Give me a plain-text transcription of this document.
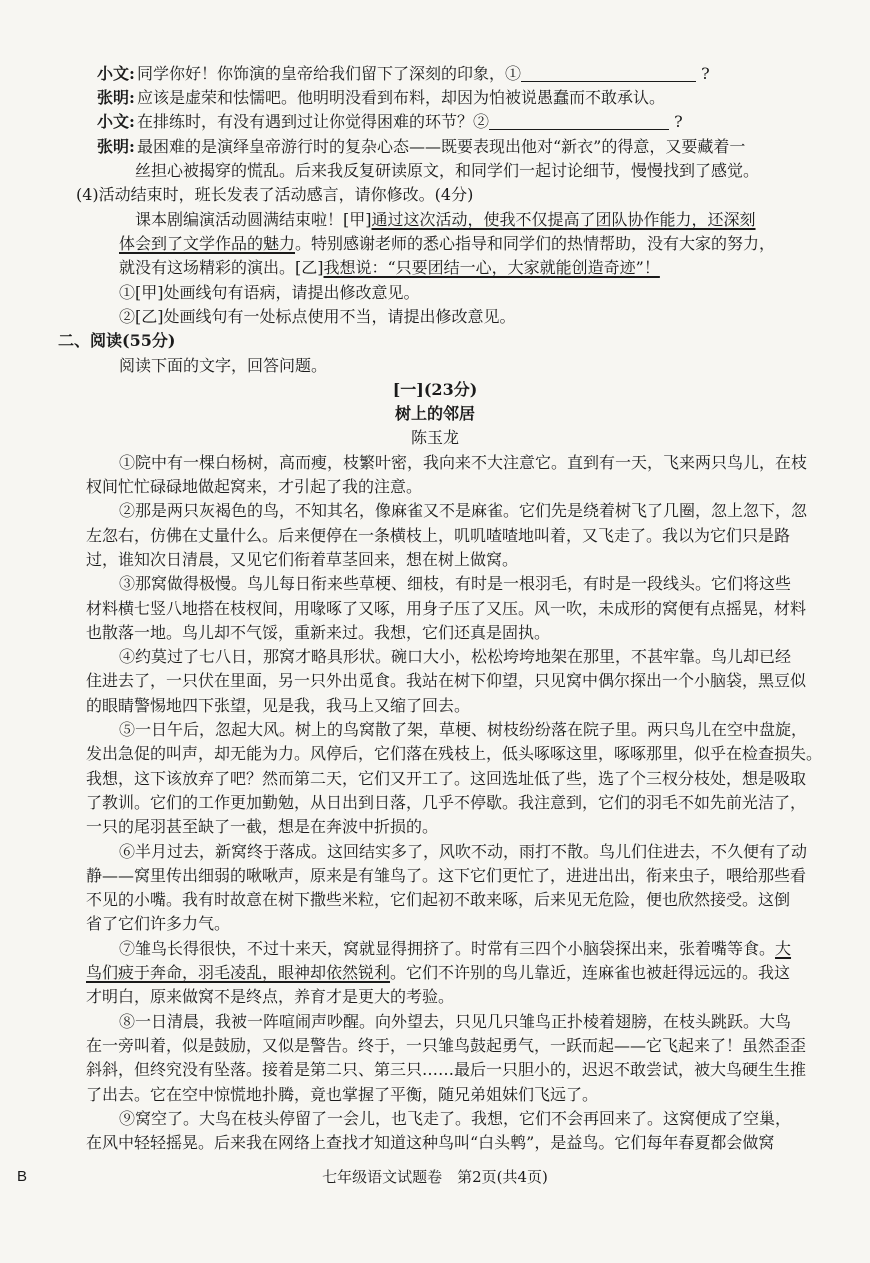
小文: 同学你好！你饰演的皇帝给我们留下了深刻的印象，①	?
张明: 应该是虚荣和怯懦吧。他明明没看到布料，却因为怕被说愚蠢而不敢承认。
小文: 在排练时，有没有遇到过让你觉得困难的环节？②	?
张明: 最困难的是演绎皇帝游行时的复杂心态——既要表现出他对“新衣”的得意，又要藏着一
丝担心被揭穿的慌乱。后来我反复研读原文，和同学们一起讨论细节，慢慢找到了感觉。
(4)活动结束时，班长发表了活动感言，请你修改。(4分)
课本剧编演活动圆满结束啦！[甲]通过这次活动，使我不仅提高了团队协作能力，还深刻
体会到了文学作品的魅力。特别感谢老师的悉心指导和同学们的热情帮助，没有大家的努力，
就没有这场精彩的演出。[乙]我想说：“只要团结一心，大家就能创造奇迹”！
①[甲]处画线句有语病，请提出修改意见。
②[乙]处画线句有一处标点使用不当，请提出修改意见。
二、阅读(55分)
阅读下面的文字，回答问题。
[一](23分)
树上的邻居
陈玉龙
①院中有一棵白杨树，高而瘦，枝繁叶密，我向来不大注意它。直到有一天，飞来两只鸟儿，在枝
杈间忙忙碌碌地做起窝来，才引起了我的注意。
②那是两只灰褐色的鸟，不知其名，像麻雀又不是麻雀。它们先是绕着树飞了几圈，忽上忽下，忽
左忽右，仿佛在丈量什么。后来便停在一条横枝上，叽叽喳喳地叫着，又飞走了。我以为它们只是路
过，谁知次日清晨，又见它们衔着草茎回来，想在树上做窝。
③那窝做得极慢。鸟儿每日衔来些草梗、细枝，有时是一根羽毛，有时是一段线头。它们将这些
材料横七竖八地搭在枝杈间，用喙啄了又啄，用身子压了又压。风一吹，未成形的窝便有点摇晃，材料
也散落一地。鸟儿却不气馁，重新来过。我想，它们还真是固执。
④约莫过了七八日，那窝才略具形状。碗口大小，松松垮垮地架在那里，不甚牢靠。鸟儿却已经
住进去了，一只伏在里面，另一只外出觅食。我站在树下仰望，只见窝中偶尔探出一个小脑袋，黑豆似
的眼睛警惕地四下张望，见是我，我马上又缩了回去。
⑤一日午后，忽起大风。树上的鸟窝散了架，草梗、树枝纷纷落在院子里。两只鸟儿在空中盘旋，
发出急促的叫声，却无能为力。风停后，它们落在残枝上，低头啄啄这里，啄啄那里，似乎在检查损失。
我想，这下该放弃了吧？然而第二天，它们又开工了。这回选址低了些，选了个三杈分枝处，想是吸取
了教训。它们的工作更加勤勉，从日出到日落，几乎不停歇。我注意到，它们的羽毛不如先前光洁了，
一只的尾羽甚至缺了一截，想是在奔波中折损的。
⑥半月过去，新窝终于落成。这回结实多了，风吹不动，雨打不散。鸟儿们住进去，不久便有了动
静——窝里传出细弱的啾啾声，原来是有雏鸟了。这下它们更忙了，进进出出，衔来虫子，喂给那些看
不见的小嘴。我有时故意在树下撒些米粒，它们起初不敢来啄，后来见无危险，便也欣然接受。这倒
省了它们许多力气。
⑦雏鸟长得很快，不过十来天，窝就显得拥挤了。时常有三四个小脑袋探出来，张着嘴等食。大
鸟们疲于奔命，羽毛凌乱，眼神却依然锐利。它们不许别的鸟儿靠近，连麻雀也被赶得远远的。我这
才明白，原来做窝不是终点，养育才是更大的考验。
⑧一日清晨，我被一阵喧闹声吵醒。向外望去，只见几只雏鸟正扑棱着翅膀，在枝头跳跃。大鸟
在一旁叫着，似是鼓励，又似是警告。终于，一只雏鸟鼓起勇气，一跃而起——它飞起来了！虽然歪歪
斜斜，但终究没有坠落。接着是第二只、第三只……最后一只胆小的，迟迟不敢尝试，被大鸟硬生生推
了出去。它在空中惊慌地扑腾，竟也掌握了平衡，随兄弟姐妹们飞远了。
⑨窝空了。大鸟在枝头停留了一会儿，也飞走了。我想，它们不会再回来了。这窝便成了空巢，
在风中轻轻摇晃。后来我在网络上查找才知道这种鸟叫“白头鹎”，是益鸟。它们每年春夏都会做窝
B	七年级语文试题卷　第2页(共4页)
